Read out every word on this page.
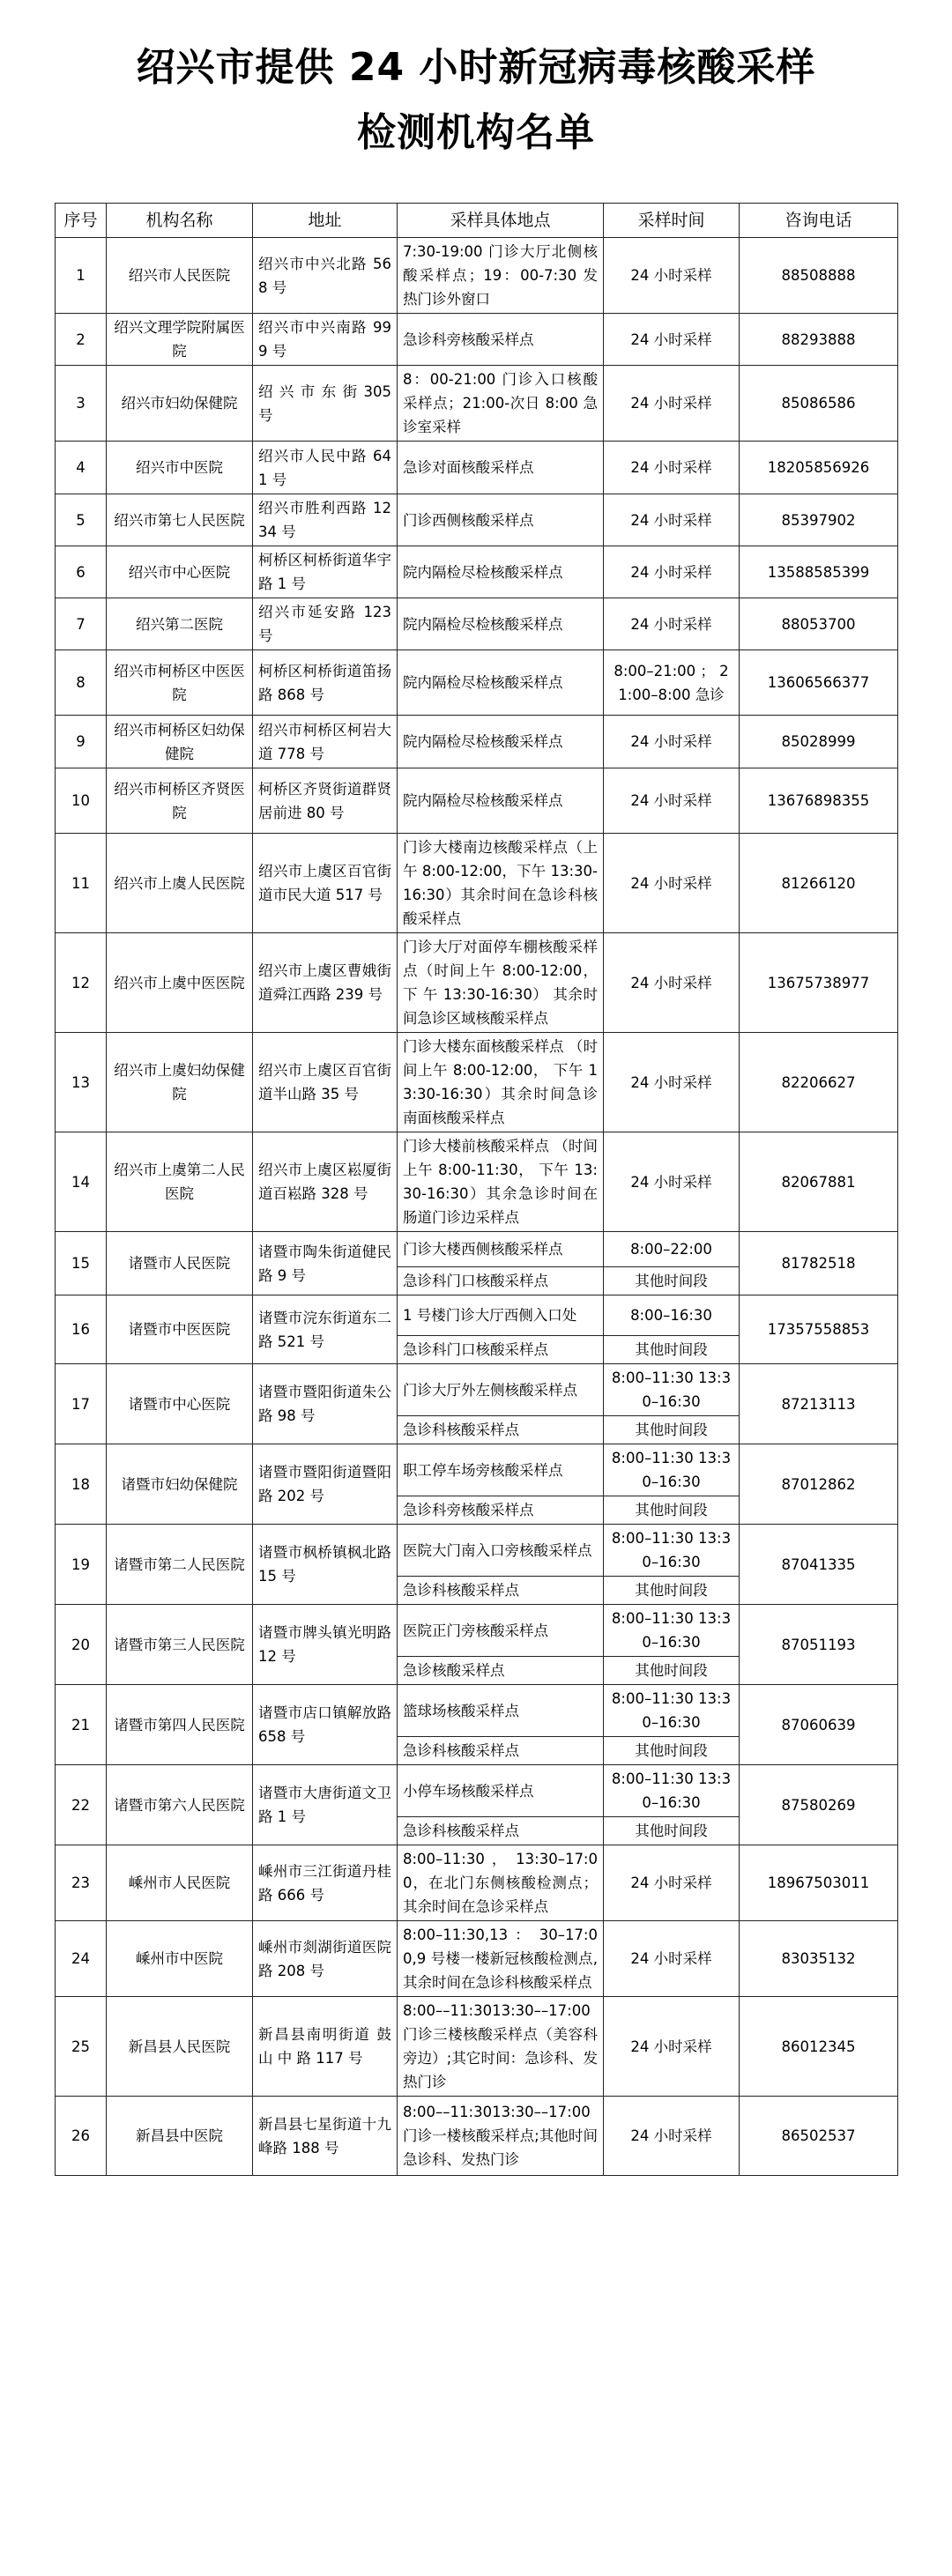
绍兴市提供 24 小时新冠病毒核酸采样
检测机构名单
序号	机构名称	地址	采样具体地点	采样时间	咨询电话
1	绍兴市人民医院	绍兴市中兴北路 568 号	7:30-19:00 门诊大厅北侧核酸采样点；19：00-7:30 发热门诊外窗口	24 小时采样	88508888
2	绍兴文理学院附属医院	绍兴市中兴南路 999 号	急诊科旁核酸采样点	24 小时采样	88293888
3	绍兴市妇幼保健院	绍 兴 市 东 街 305 号	8：00-21:00 门诊入口核酸采样点；21:00-次日 8:00 急诊室采样	24 小时采样	85086586
4	绍兴市中医院	绍兴市人民中路 641 号	急诊对面核酸采样点	24 小时采样	18205856926
5	绍兴市第七人民医院	绍兴市胜利西路 1234 号	门诊西侧核酸采样点	24 小时采样	85397902
6	绍兴市中心医院	柯桥区柯桥街道华宇路 1 号	院内隔检尽检核酸采样点	24 小时采样	13588585399
7	绍兴第二医院	绍兴市延安路 123 号	院内隔检尽检核酸采样点	24 小时采样	88053700
8	绍兴市柯桥区中医医院	柯桥区柯桥街道笛扬路 868 号	院内隔检尽检核酸采样点	8:00–21:00 ； 21:00–8:00 急诊	13606566377
9	绍兴市柯桥区妇幼保健院	绍兴市柯桥区柯岩大道 778 号	院内隔检尽检核酸采样点	24 小时采样	85028999
10	绍兴市柯桥区齐贤医院	柯桥区齐贤街道群贤居前进 80 号	院内隔检尽检核酸采样点	24 小时采样	13676898355
11	绍兴市上虞人民医院	绍兴市上虞区百官街道市民大道 517 号	门诊大楼南边核酸采样点（上午 8:00-12:00，下午 13:30-16:30）其余时间在急诊科核酸采样点	24 小时采样	81266120
12	绍兴市上虞中医医院	绍兴市上虞区曹娥街道舜江西路 239 号	门诊大厅对面停车棚核酸采样点（时间上午 8:00-12:00， 下 午 13:30-16:30） 其余时间急诊区域核酸采样点	24 小时采样	13675738977
13	绍兴市上虞妇幼保健院	绍兴市上虞区百官街道半山路 35 号	门诊大楼东面核酸采样点 （时间上午 8:00-12:00， 下午 13:30-16:30）其余时间急诊南面核酸采样点	24 小时采样	82206627
14	绍兴市上虞第二人民医院	绍兴市上虞区崧厦街道百崧路 328 号	门诊大楼前核酸采样点 （时间上午 8:00-11:30， 下午 13:30-16:30）其余急诊时间在肠道门诊边采样点	24 小时采样	82067881
15	诸暨市人民医院	诸暨市陶朱街道健民路 9 号	门诊大楼西侧核酸采样点	8:00–22:00	81782518
			急诊科门口核酸采样点	其他时间段	
16	诸暨市中医医院	诸暨市浣东街道东二路 521 号	1 号楼门诊大厅西侧入口处	8:00–16:30	17357558853
			急诊科门口核酸采样点	其他时间段	
17	诸暨市中心医院	诸暨市暨阳街道朱公路 98 号	门诊大厅外左侧核酸采样点	8:00–11:30 13:30–16:30	87213113
			急诊科核酸采样点	其他时间段	
18	诸暨市妇幼保健院	诸暨市暨阳街道暨阳路 202 号	职工停车场旁核酸采样点	8:00–11:30 13:30–16:30	87012862
			急诊科旁核酸采样点	其他时间段	
19	诸暨市第二人民医院	诸暨市枫桥镇枫北路 15 号	医院大门南入口旁核酸采样点	8:00–11:30 13:30–16:30	87041335
			急诊科核酸采样点	其他时间段	
20	诸暨市第三人民医院	诸暨市牌头镇光明路 12 号	医院正门旁核酸采样点	8:00–11:30 13:30–16:30	87051193
			急诊核酸采样点	其他时间段	
21	诸暨市第四人民医院	诸暨市店口镇解放路 658 号	篮球场核酸采样点	8:00–11:30 13:30–16:30	87060639
			急诊科核酸采样点	其他时间段	
22	诸暨市第六人民医院	诸暨市大唐街道文卫路 1 号	小停车场核酸采样点	8:00–11:30 13:30–16:30	87580269
			急诊科核酸采样点	其他时间段	
23	嵊州市人民医院	嵊州市三江街道丹桂路 666 号	8:00–11:30 ， 13:30–17:00，在北门东侧核酸检测点；其余时间在急诊采样点	24 小时采样	18967503011
24	嵊州市中医院	嵊州市剡湖街道医院路 208 号	8:00–11:30,13 ： 30–17:00,9 号楼一楼新冠核酸检测点,其余时间在急诊科核酸采样点	24 小时采样	83035132
25	新昌县人民医院	新昌县南明街道 鼓 山 中 路 117 号	8:00––11:3013:30––17:00 门诊三楼核酸采样点（美容科旁边）;其它时间：急诊科、发热门诊	24 小时采样	86012345
26	新昌县中医院	新昌县七星街道十九峰路 188 号	8:00––11:3013:30––17:00 门诊一楼核酸采样点;其他时间急诊科、发热门诊	24 小时采样	86502537
